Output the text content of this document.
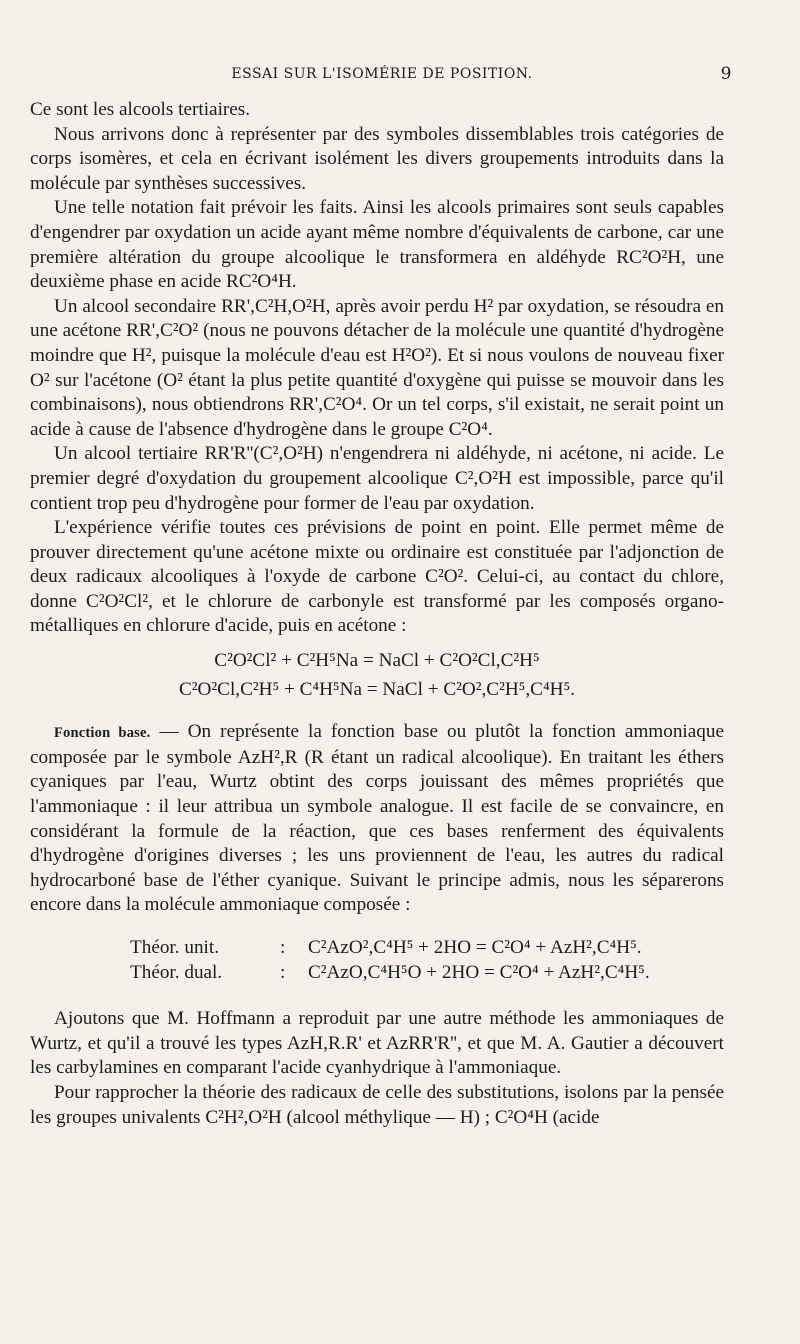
ESSAI SUR L'ISOMÉRIE DE POSITION.	9

Ce sont les alcools tertiaires.

Nous arrivons donc à représenter par des symboles dissemblables trois catégories de corps isomères, et cela en écrivant isolément les divers groupements introduits dans la molécule par synthèses successives.

Une telle notation fait prévoir les faits. Ainsi les alcools primaires sont seuls capables d'engendrer par oxydation un acide ayant même nombre d'équivalents de carbone, car une première altération du groupe alcoolique le transformera en aldéhyde RC²O²H, une deuxième phase en acide RC²O⁴H.

Un alcool secondaire RR',C²H,O²H, après avoir perdu H² par oxydation, se résoudra en une acétone RR',C²O² (nous ne pouvons détacher de la molécule une quantité d'hydrogène moindre que H², puisque la molécule d'eau est H²O²). Et si nous voulons de nouveau fixer O² sur l'acétone (O² étant la plus petite quantité d'oxygène qui puisse se mouvoir dans les combinaisons), nous obtiendrons RR',C²O⁴. Or un tel corps, s'il existait, ne serait point un acide à cause de l'absence d'hydrogène dans le groupe C²O⁴.

Un alcool tertiaire RR'R''(C²,O²H) n'engendrera ni aldéhyde, ni acétone, ni acide. Le premier degré d'oxydation du groupement alcoolique C²,O²H est impossible, parce qu'il contient trop peu d'hydrogène pour former de l'eau par oxydation.

L'expérience vérifie toutes ces prévisions de point en point. Elle permet même de prouver directement qu'une acétone mixte ou ordinaire est constituée par l'adjonction de deux radicaux alcooliques à l'oxyde de carbone C²O². Celui-ci, au contact du chlore, donne C²O²Cl², et le chlorure de carbonyle est transformé par les composés organo-métalliques en chlorure d'acide, puis en acétone :

C²O²Cl² + C²H⁵Na = NaCl + C²O²Cl,C²H⁵
C²O²Cl,C²H⁵ + C⁴H⁵Na = NaCl + C²O²,C²H⁵,C⁴H⁵.

Fonction base. — On représente la fonction base ou plutôt la fonction ammoniaque composée par le symbole AzH²,R (R étant un radical alcoolique). En traitant les éthers cyaniques par l'eau, Wurtz obtint des corps jouissant des mêmes propriétés que l'ammoniaque : il leur attribua un symbole analogue. Il est facile de se convaincre, en considérant la formule de la réaction, que ces bases renferment des équivalents d'hydrogène d'origines diverses ; les uns proviennent de l'eau, les autres du radical hydrocarboné base de l'éther cyanique. Suivant le principe admis, nous les séparerons encore dans la molécule ammoniaque composée :

Théor. unit.	:	C²AzO²,C⁴H⁵ + 2HO = C²O⁴ + AzH²,C⁴H⁵.
Théor. dual.	:	C²AzO,C⁴H⁵O + 2HO = C²O⁴ + AzH²,C⁴H⁵.

Ajoutons que M. Hoffmann a reproduit par une autre méthode les ammoniaques de Wurtz, et qu'il a trouvé les types AzH,R.R' et AzRR'R'', et que M. A. Gautier a découvert les carbylamines en comparant l'acide cyanhydrique à l'ammoniaque.

Pour rapprocher la théorie des radicaux de celle des substitutions, isolons par la pensée les groupes univalents C²H²,O²H (alcool méthylique — H) ; C²O⁴H (acide
